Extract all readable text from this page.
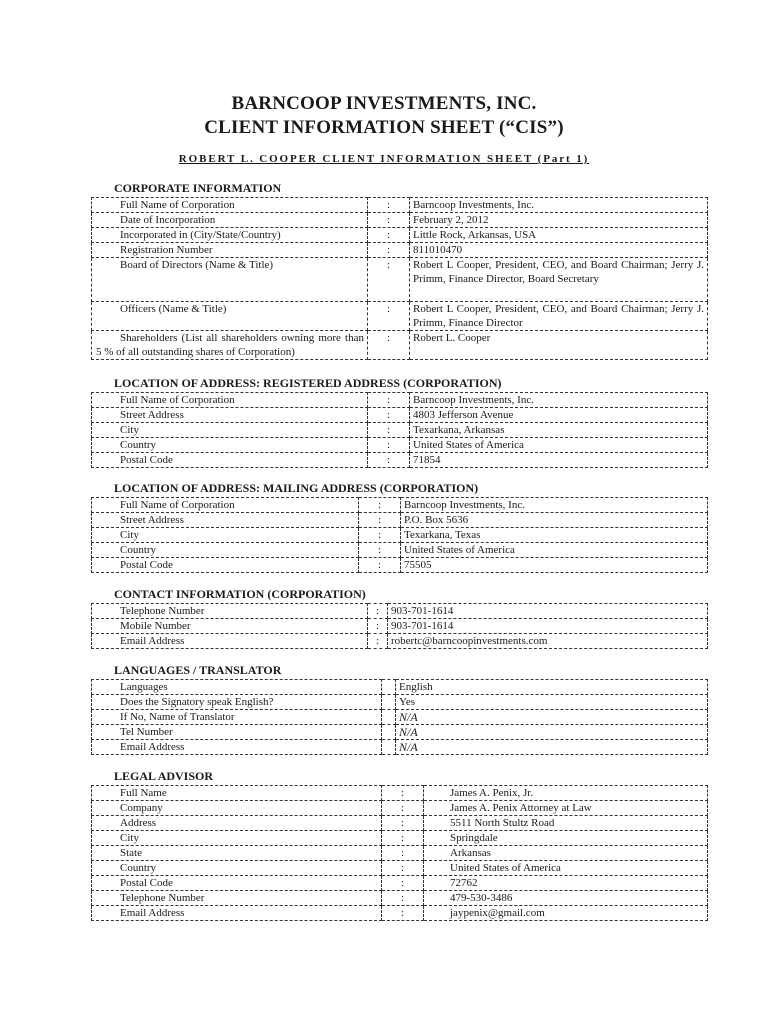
BARNCOOP INVESTMENTS, INC.
CLIENT INFORMATION SHEET (“CIS”)
ROBERT L. COOPER CLIENT INFORMATION SHEET (Part 1)
CORPORATE INFORMATION
Full Name of Corporation	:	Barncoop Investments, Inc.
Date of Incorporation	:	February 2, 2012
Incorporated in (City/State/Country)	:	Little Rock, Arkansas, USA
Registration Number	:	811010470
Board of Directors (Name & Title)	:	Robert L Cooper, President, CEO, and Board Chairman; Jerry J. Primm, Finance Director, Board Secretary
Officers (Name & Title)	:	Robert L Cooper, President, CEO, and Board Chairman; Jerry J. Primm, Finance Director
Shareholders (List all shareholders owning more than 5 % of all outstanding shares of Corporation)	:	Robert L. Cooper
LOCATION OF ADDRESS: REGISTERED ADDRESS (CORPORATION)
Full Name of Corporation	:	Barncoop Investments, Inc.
Street Address	:	4803 Jefferson Avenue
City	:	Texarkana, Arkansas
Country	:	United States of America
Postal Code	:	71854
LOCATION OF ADDRESS: MAILING ADDRESS (CORPORATION)
Full Name of Corporation	:	Barncoop Investments, Inc.
Street Address	:	P.O. Box 5636
City	:	Texarkana, Texas
Country	:	United States of America
Postal Code	:	75505
CONTACT INFORMATION (CORPORATION)
Telephone Number	:	903-701-1614
Mobile Number	:	903-701-1614
Email Address	:	robertc@barncoopinvestments.com
LANGUAGES / TRANSLATOR
Languages		English
Does the Signatory speak English?		Yes
If No, Name of Translator		N/A
Tel Number		N/A
Email Address		N/A
LEGAL ADVISOR
Full Name	:	James A. Penix, Jr.
Company	:	James A. Penix Attorney at Law
Address	:	5511 North Stultz Road
City	:	Springdale
State	:	Arkansas
Country	:	United States of America
Postal Code	:	72762
Telephone Number	:	479-530-3486
Email Address	:	jaypenix@gmail.com
